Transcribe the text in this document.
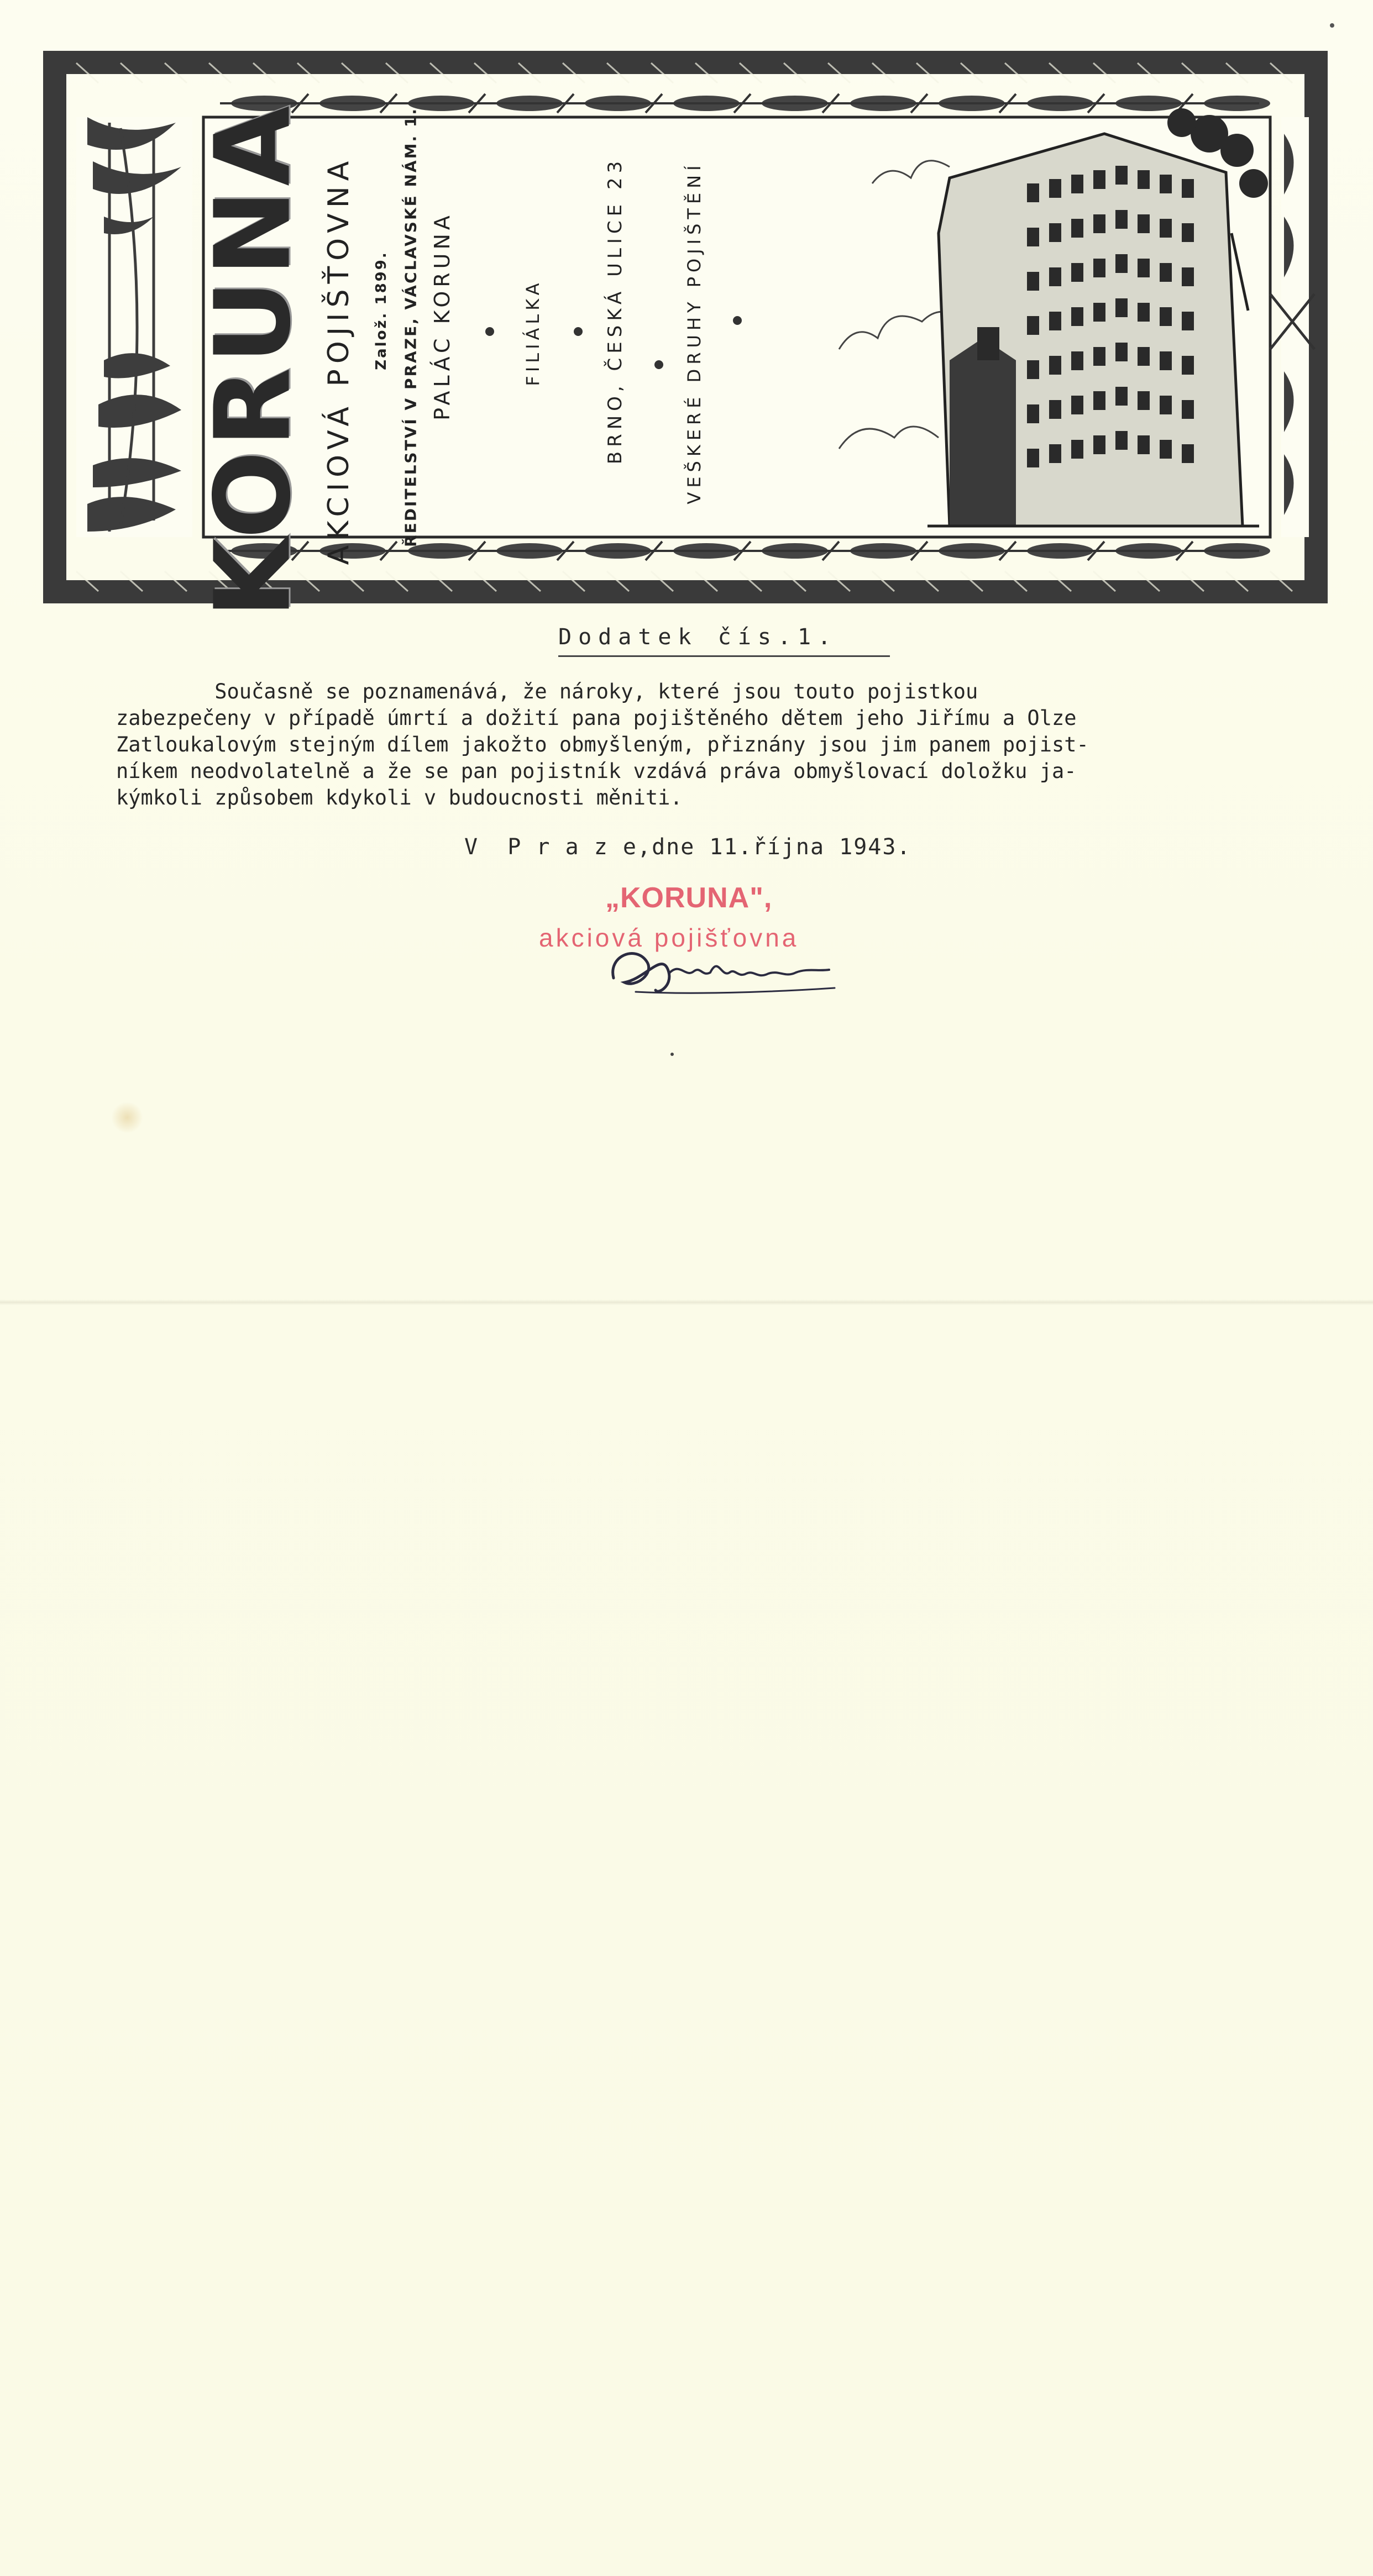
KORUNA AKCIOVÁ POJIŠŤOVNA Založ. 1899. ŘEDITELSTVÍ V PRAZE, VÁCLAVSKÉ NÁM. 1. PALÁC KORUNA	FILIÁLKA	BRNO, ČESKÁ ULICE 23	VEŠKERÉ DRUHY POJIŠTĚNÍ
Dodatek čís.1.
Současně se poznamenává, že nároky, které jsou touto pojistkou
zabezpečeny v případě úmrtí a dožití pana pojištěného dětem jeho Jiřímu a Olze
Zatloukalovým stejným dílem jakožto obmyšleným, přiznány jsou jim panem pojist-
níkem neodvolatelně a že se pan pojistník vzdává práva obmyšlovací doložku ja-
kýmkoli způsobem kdykoli v budoucnosti měniti.
V  P r a z e,dne 11.října 1943.
„KORUNA",
akciová pojišťovna
